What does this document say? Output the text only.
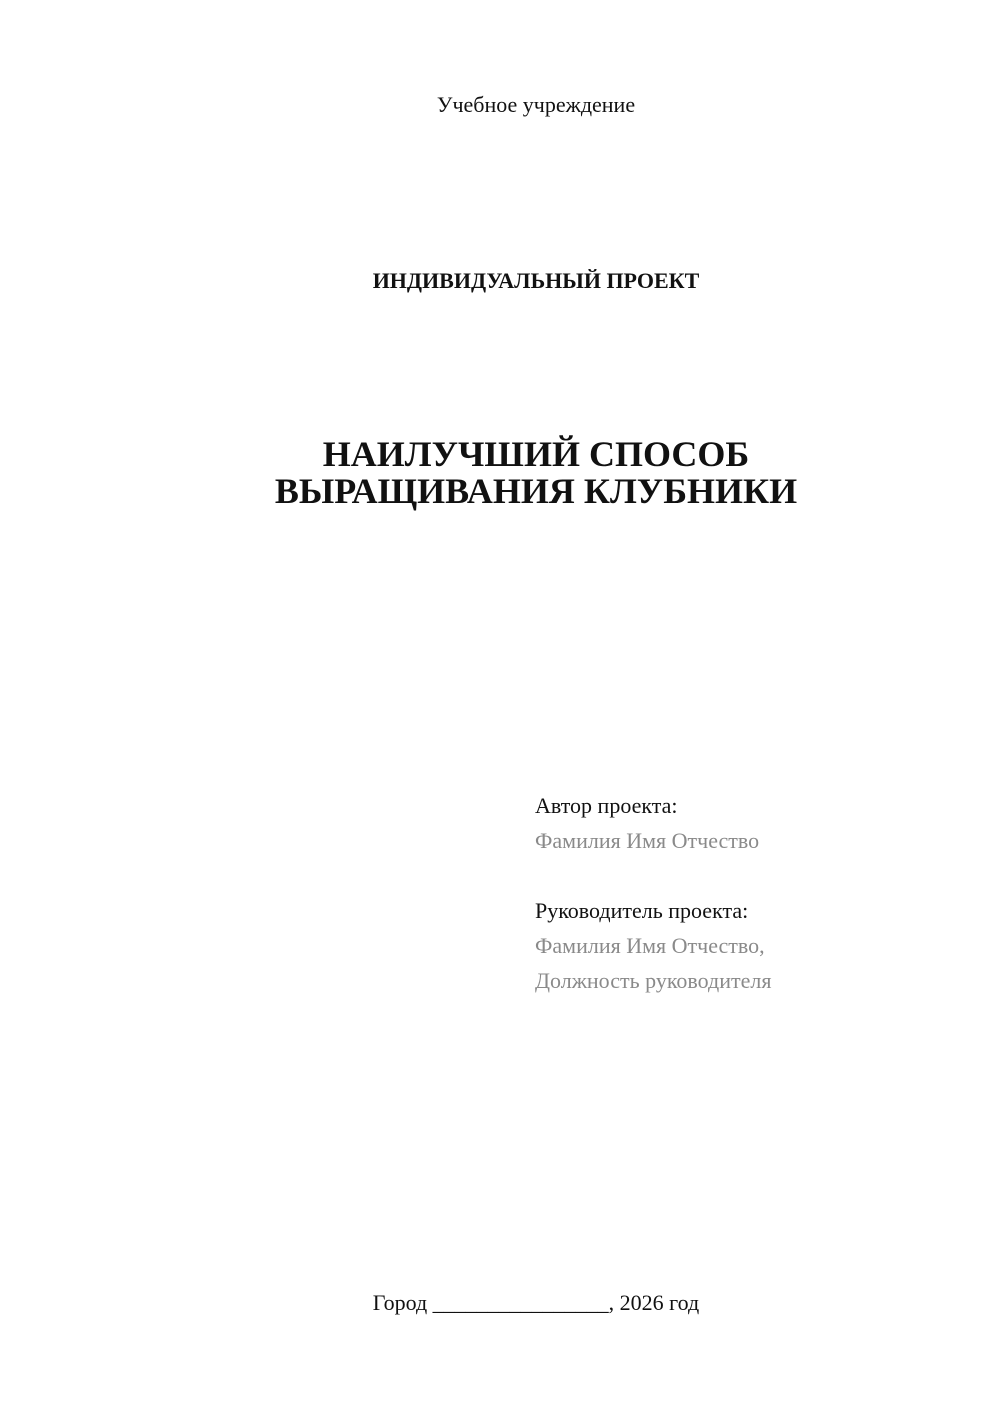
Учебное учреждение
ИНДИВИДУАЛЬНЫЙ ПРОЕКТ
НАИЛУЧШИЙ СПОСОБ
ВЫРАЩИВАНИЯ КЛУБНИКИ
Автор проекта:
Фамилия Имя Отчество
Руководитель проекта:
Фамилия Имя Отчество,
Должность руководителя
Город ________________, 2026 год
